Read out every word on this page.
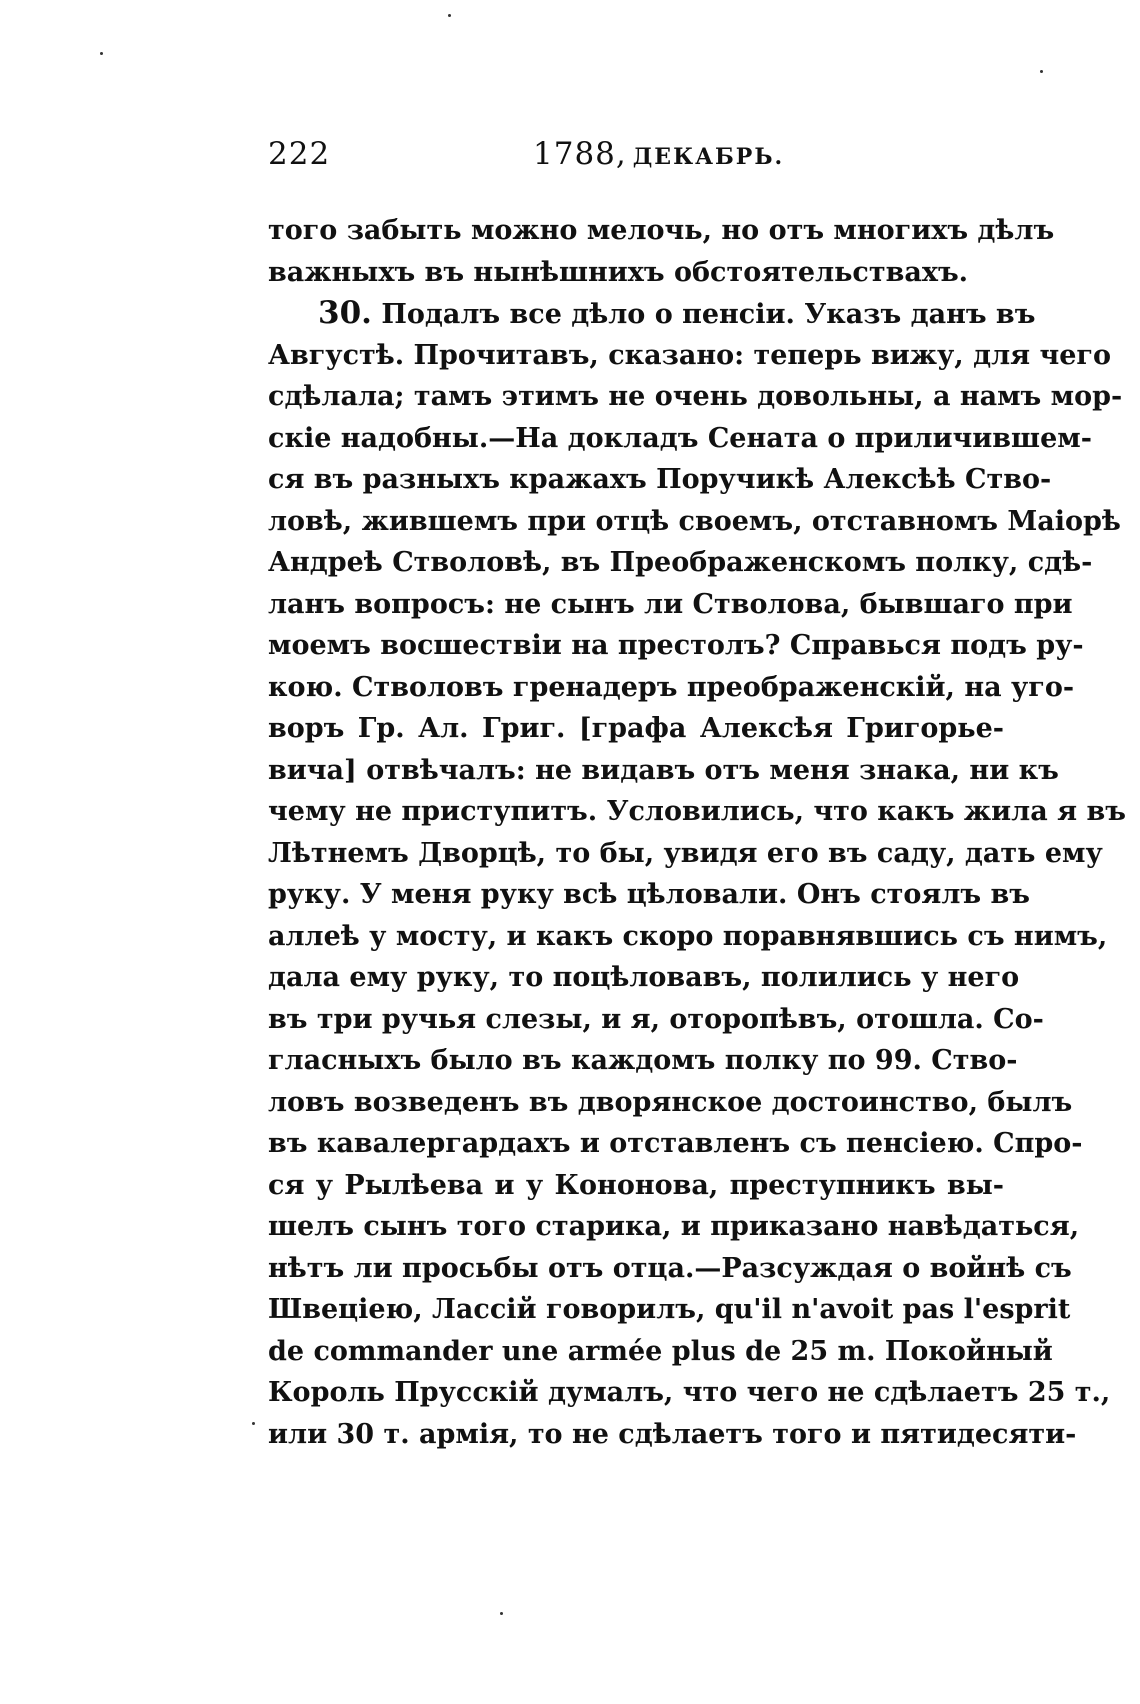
222	1788, ДЕКАБРЬ.
того забыть можно мелочь, но отъ многихъ дѣлъ
важныхъ въ нынѣшнихъ обстоятельствахъ.
30. Подалъ все дѣло о пенсіи. Указъ данъ въ
Августѣ. Прочитавъ, сказано: теперь вижу, для чего
сдѣлала; тамъ этимъ не очень довольны, а намъ мор-
скіе надобны.—На докладъ Сената о приличившем-
ся въ разныхъ кражахъ Поручикѣ Алексѣѣ Ство-
ловѣ, жившемъ при отцѣ своемъ, отставномъ Маіорѣ
Андреѣ Стволовѣ, въ Преображенскомъ полку, сдѣ-
ланъ вопросъ: не сынъ ли Стволова, бывшаго при
моемъ восшествіи на престолъ? Справься подъ ру-
кою. Стволовъ гренадеръ преображенскій, на уго-
воръ Гр. Ал. Григ. [графа Алексѣя Григорье-
вича] отвѣчалъ: не видавъ отъ меня знака, ни къ
чему не приступитъ. Условились, что какъ жила я въ
Лѣтнемъ Дворцѣ, то бы, увидя его въ саду, дать ему
руку. У меня руку всѣ цѣловали. Онъ стоялъ въ
аллеѣ у мосту, и какъ скоро поравнявшись съ нимъ,
дала ему руку, то поцѣловавъ, полились у него
въ три ручья слезы, и я, оторопѣвъ, отошла. Со-
гласныхъ было въ каждомъ полку по 99. Ство-
ловъ возведенъ въ дворянское достоинство, былъ
въ кавалергардахъ и отставленъ съ пенсіею. Спро-
ся у Рылѣева и у Кононова, преступникъ вы-
шелъ сынъ того старика, и приказано навѣдаться,
нѣтъ ли просьбы отъ отца.—Разсуждая о войнѣ съ
Швеціею, Лассій говорилъ, qu'il n'avoit pas l'esprit
de commander une armée plus de 25 m. Покойный
Король Прусскій думалъ, что чего не сдѣлаетъ 25 т.,
или 30 т. армія, то не сдѣлаетъ того и пятидесяти-
